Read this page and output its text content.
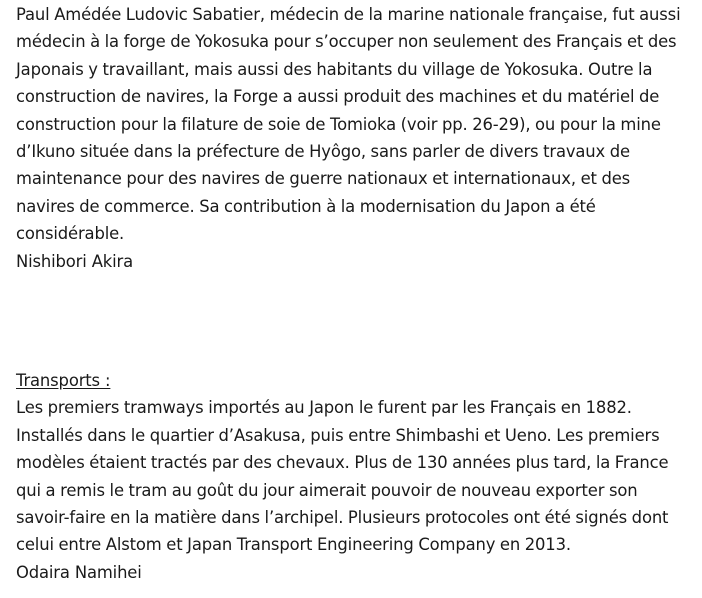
Paul Amédée Ludovic Sabatier, médecin de la marine nationale française, fut aussi
médecin à la forge de Yokosuka pour s’occuper non seulement des Français et des
Japonais y travaillant, mais aussi des habitants du village de Yokosuka. Outre la
construction de navires, la Forge a aussi produit des machines et du matériel de
construction pour la filature de soie de Tomioka (voir pp. 26-29), ou pour la mine
d’Ikuno située dans la préfecture de Hyôgo, sans parler de divers travaux de
maintenance pour des navires de guerre nationaux et internationaux, et des
navires de commerce. Sa contribution à la modernisation du Japon a été
considérable.

Nishibori Akira
Transports :

Les premiers tramways importés au Japon le furent par les Français en 1882.
Installés dans le quartier d’Asakusa, puis entre Shimbashi et Ueno. Les premiers
modèles étaient tractés par des chevaux. Plus de 130 années plus tard, la France
qui a remis le tram au goût du jour aimerait pouvoir de nouveau exporter son
savoir-faire en la matière dans l’archipel. Plusieurs protocoles ont été signés dont
celui entre Alstom et Japan Transport Engineering Company en 2013.

Odaira Namihei
